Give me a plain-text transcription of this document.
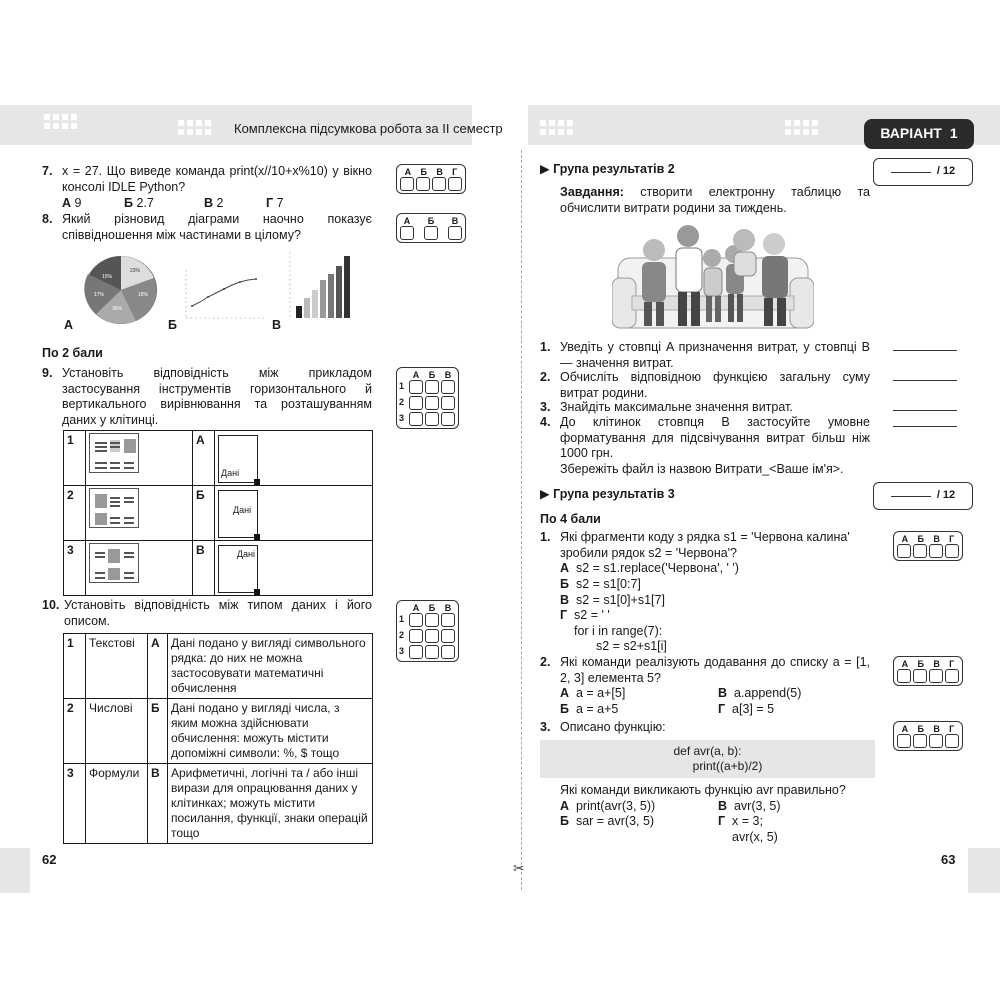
Комплексна підсумкова робота за ІІ семестр	ВАРІАНТ 1
✂
7. x = 27. Що виведе команда print(x//10+x%10) у вікно консолі IDLE Python?
А 9	Б 2.7	В 2	Г 7
А Б В Г
8. Який різновид діаграми наочно показує співвідношення між частинами в цілому?
А Б В
23%
18%
36%
17%
15%
А	Б	В
По 2 бали
9. Установіть відповідність між прикладом застосування інструментів горизонтального й вертикального вирівнювання та розташуванням даних у клітинці.
А	Б	В
1
2
3
1		А	Дані

2		Б	Дані

3		В	Дані
10. Установіть відповідність між типом даних і його описом.
А	Б	В
1
2
3
1	Текстові	А	Дані подано у вигляді символьного рядка: до них не можна застосовувати математичні обчислення
2	Числові	Б	Дані подано у вигляді числа, з яким можна здійснювати обчислення: можуть містити допоміжні символи: %, $ тощо
3	Формули	В	Арифметичні, логічні та / або інші вирази для опрацювання даних у клітинках; можуть містити посилання, функції, знаки операцій тощо
62
▶ Група результатів 2	/ 12
Завдання: створити електронну таблицю та обчислити витрати родини за тиждень.
1. Уведіть у стовпці A призначення витрат, у стовпці B — значення витрат.
2. Обчисліть відповідною функцією загальну суму витрат родини.
3. Знайдіть максимальне значення витрат.
4. До клітинок стовпця B застосуйте умовне форматування для підсвічування витрат більш ніж 1000 грн.
Збережіть файл із назвою Витрати_<Ваше ім'я>.
▶ Група результатів 3	/ 12
По 4 бали
1. Які фрагменти коду з рядка s1 = 'Червона калина' зробили рядок s2 = 'Червона'?
А s2 = s1.replace('Червона', ' ')
Б s2 = s1[0:7]
В s2 = s1[0]+s1[7]
Г s2 = ' '
for i in range(7):
s2 = s2+s1[i]
А Б В Г
2. Які команди реалізують додавання до списку a = [1, 2, 3] елемента 5?
А a = a+[5]	В a.append(5)
Б a = a+5	Г a[3] = 5
А Б В Г
3. Описано функцію:
def avr(a, b):
print((a+b)/2)
Які команди викликають функцію avr правильно?
А print(avr(3, 5))	В avr(3, 5)
Б sar = avr(3, 5)	Г x = 3;
avr(x, 5)
А Б В Г
63
